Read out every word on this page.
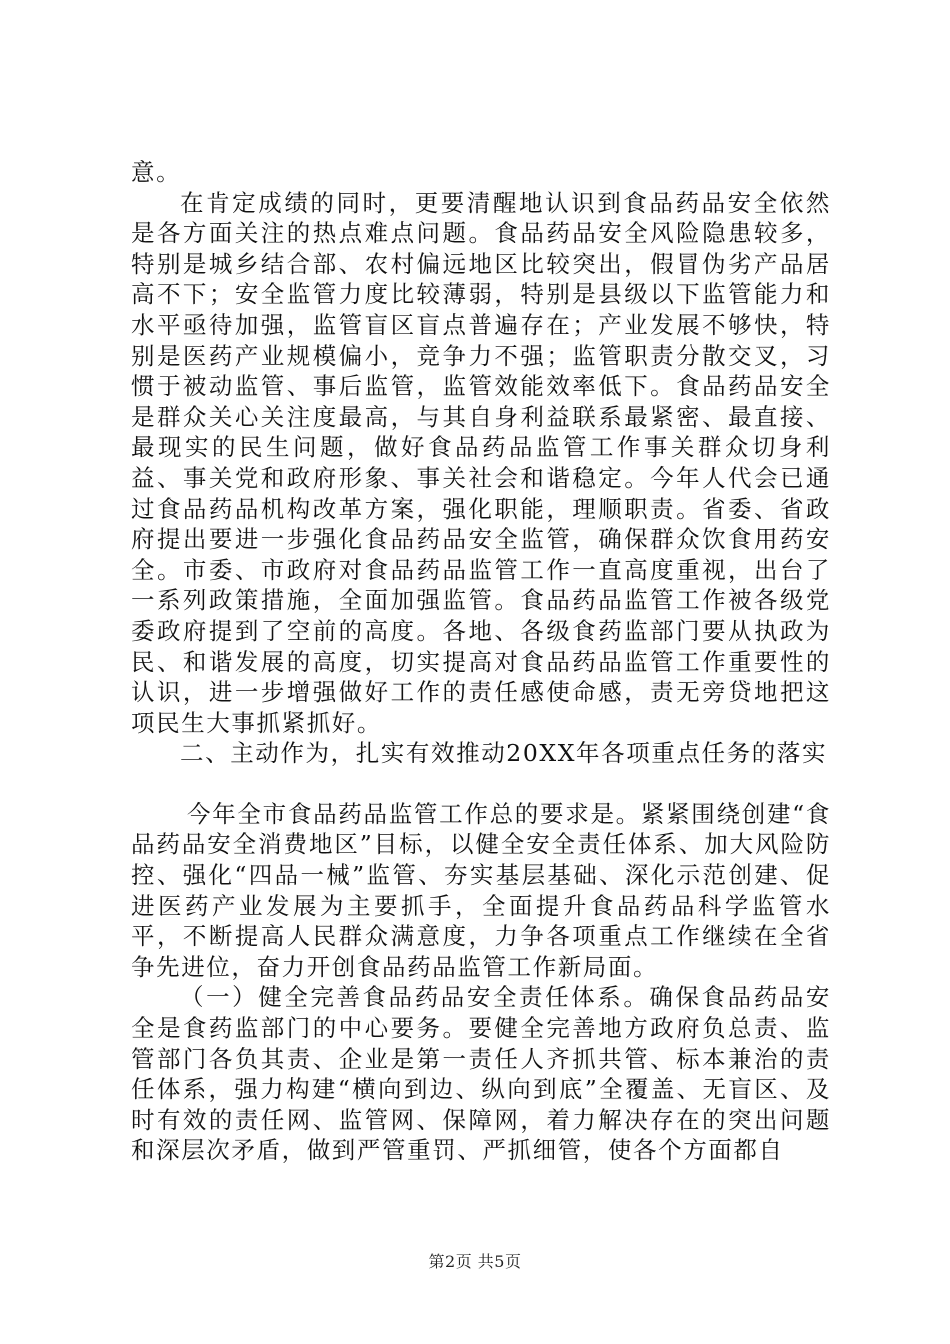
意。

在肯定成绩的同时，更要清醒地认识到食品药品安全依然是各方面关注的热点难点问题。食品药品安全风险隐患较多，特别是城乡结合部、农村偏远地区比较突出，假冒伪劣产品居高不下；安全监管力度比较薄弱，特别是县级以下监管能力和水平亟待加强，监管盲区盲点普遍存在；产业发展不够快，特别是医药产业规模偏小，竞争力不强；监管职责分散交叉，习惯于被动监管、事后监管，监管效能效率低下。食品药品安全是群众关心关注度最高，与其自身利益联系最紧密、最直接、最现实的民生问题，做好食品药品监管工作事关群众切身利益、事关党和政府形象、事关社会和谐稳定。今年人代会已通过食品药品机构改革方案，强化职能，理顺职责。省委、省政府提出要进一步强化食品药品安全监管，确保群众饮食用药安全。市委、市政府对食品药品监管工作一直高度重视，出台了一系列政策措施，全面加强监管。食品药品监管工作被各级党委政府提到了空前的高度。各地、各级食药监部门要从执政为民、和谐发展的高度，切实提高对食品药品监管工作重要性的认识，进一步增强做好工作的责任感使命感，责无旁贷地把这项民生大事抓紧抓好。

二、主动作为，扎实有效推动20XX年各项重点任务的落实

今年全市食品药品监管工作总的要求是。紧紧围绕创建“食品药品安全消费地区”目标，以健全安全责任体系、加大风险防控、强化“四品一械”监管、夯实基层基础、深化示范创建、促进医药产业发展为主要抓手，全面提升食品药品科学监管水平，不断提高人民群众满意度，力争各项重点工作继续在全省争先进位，奋力开创食品药品监管工作新局面。

（一）健全完善食品药品安全责任体系。确保食品药品安全是食药监部门的中心要务。要健全完善地方政府负总责、监管部门各负其责、企业是第一责任人齐抓共管、标本兼治的责任体系，强力构建“横向到边、纵向到底”全覆盖、无盲区、及时有效的责任网、监管网、保障网，着力解决存在的突出问题和深层次矛盾，做到严管重罚、严抓细管，使各个方面都自

第2页 共5页
